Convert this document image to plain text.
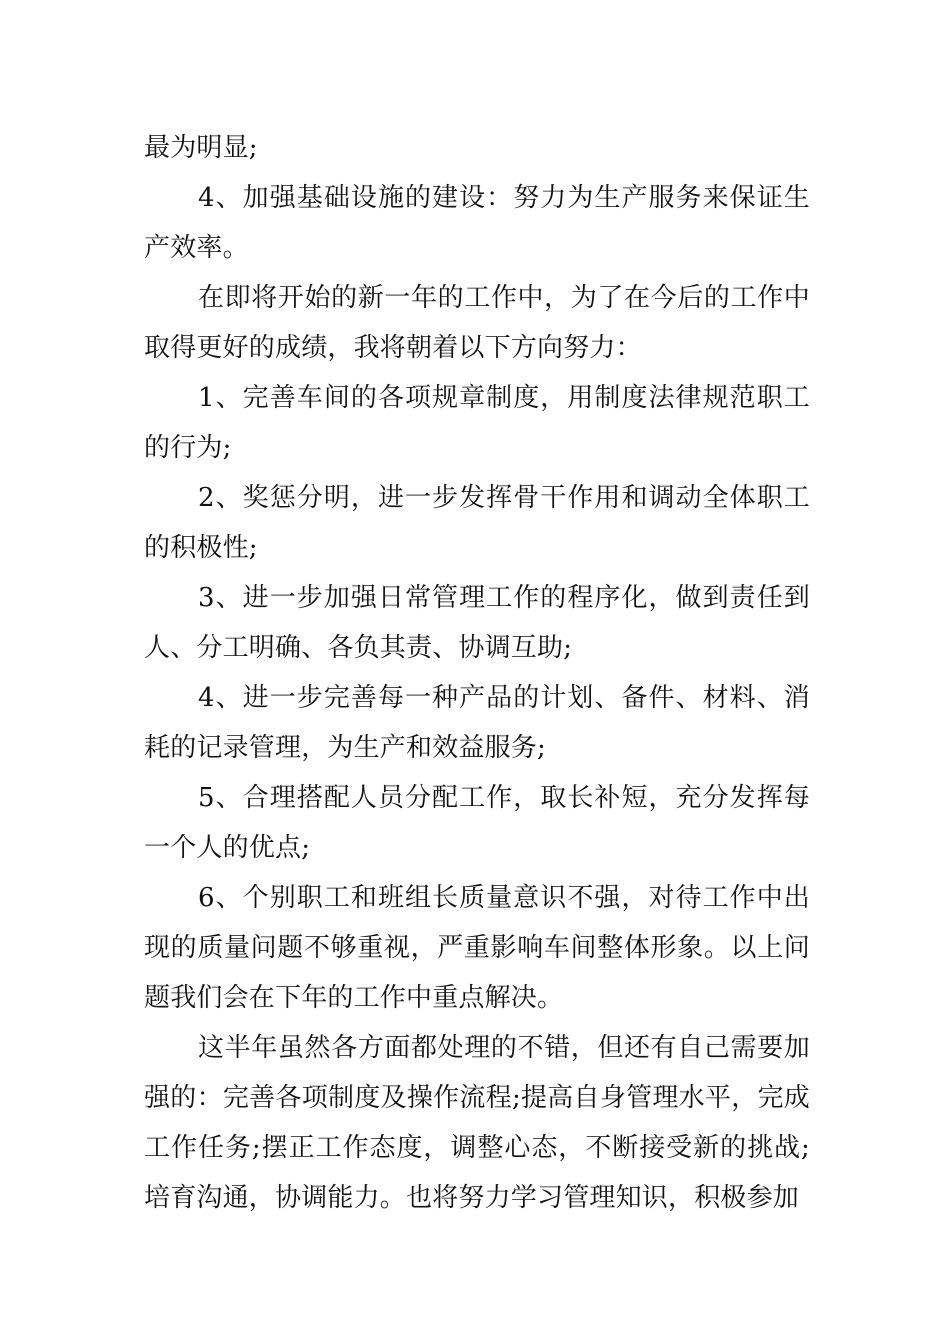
最为明显;

4、加强基础设施的建设：努力为生产服务来保证生产效率。

在即将开始的新一年的工作中，为了在今后的工作中取得更好的成绩，我将朝着以下方向努力：

1、完善车间的各项规章制度，用制度法律规范职工的行为;

2、奖惩分明，进一步发挥骨干作用和调动全体职工的积极性;

3、进一步加强日常管理工作的程序化，做到责任到人、分工明确、各负其责、协调互助;

4、进一步完善每一种产品的计划、备件、材料、消耗的记录管理，为生产和效益服务;

5、合理搭配人员分配工作，取长补短，充分发挥每一个人的优点;

6、个别职工和班组长质量意识不强，对待工作中出现的质量问题不够重视，严重影响车间整体形象。以上问题我们会在下年的工作中重点解决。

这半年虽然各方面都处理的不错，但还有自己需要加强的：完善各项制度及操作流程;提高自身管理水平，完成工作任务;摆正工作态度，调整心态，不断接受新的挑战;培育沟通，协调能力。也将努力学习管理知识，积极参加
